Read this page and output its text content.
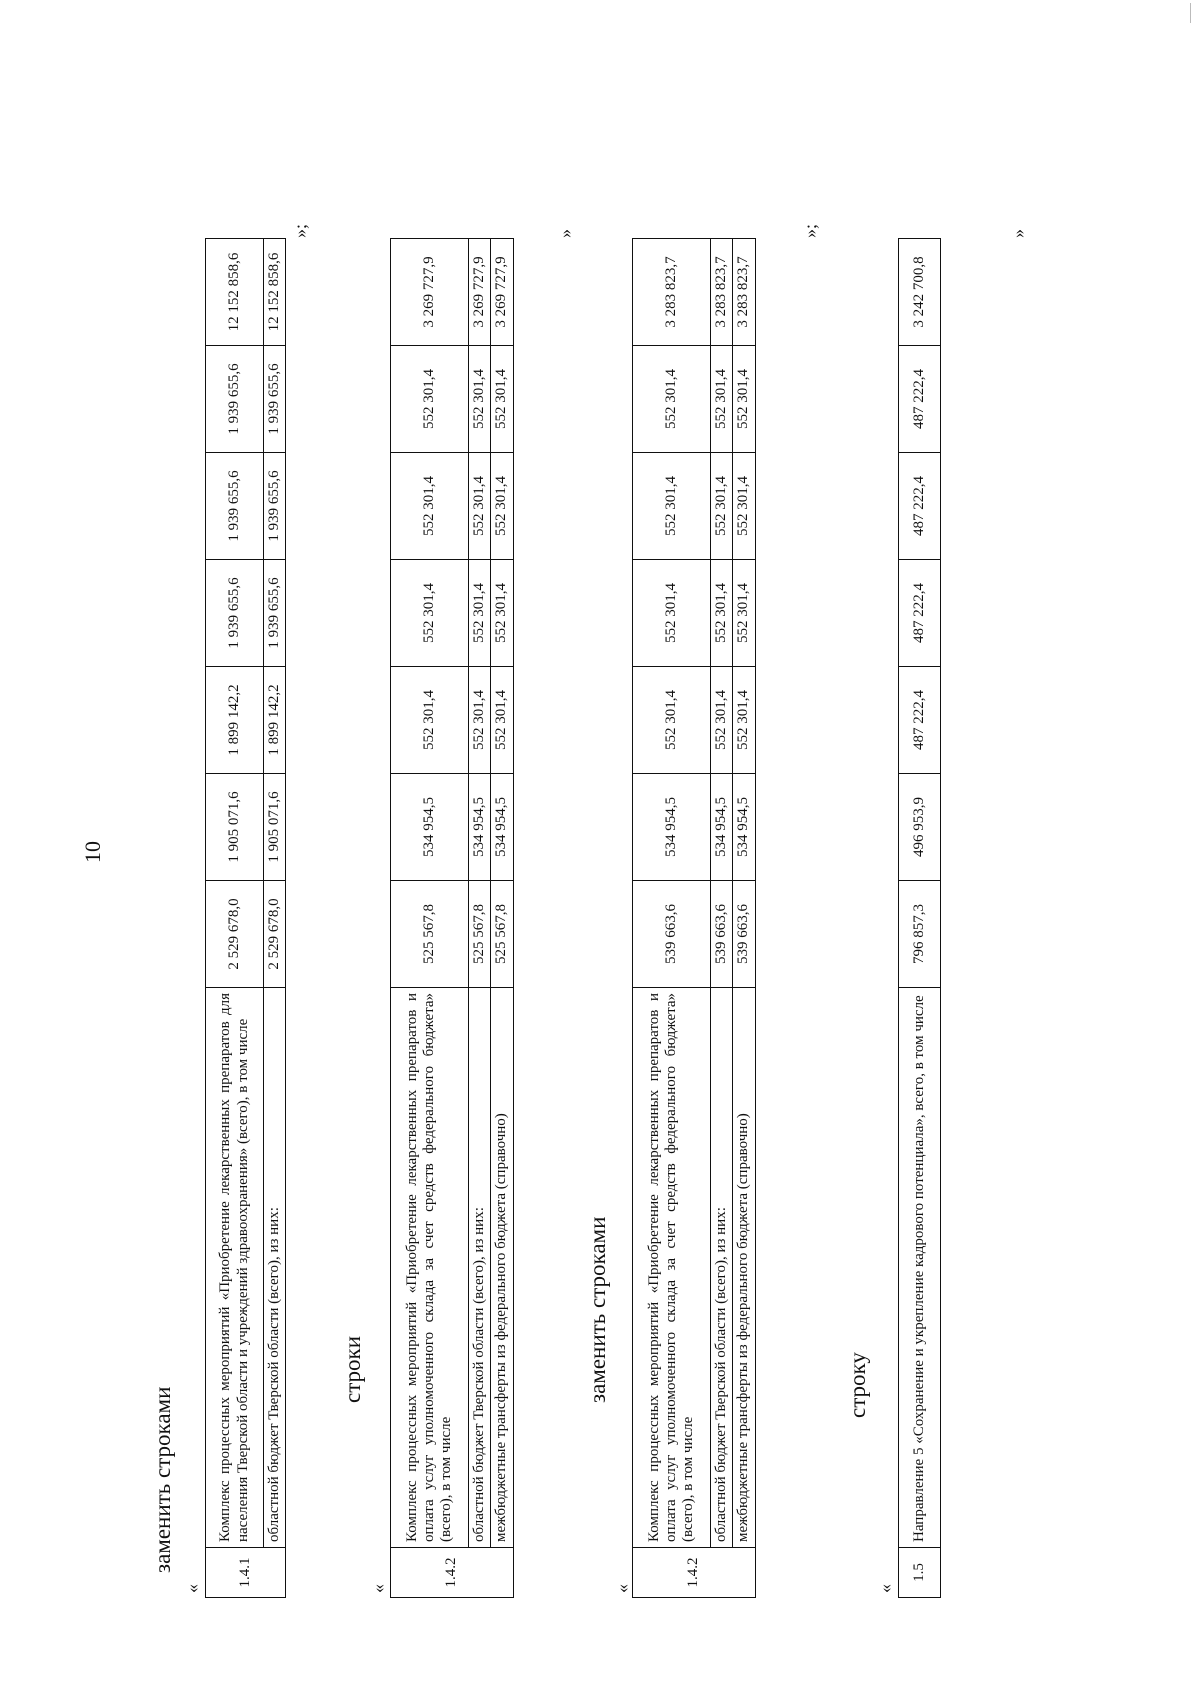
10
заменить строками
«
1.4.1	Комплекс процессных мероприятий «Приобретение лекарственных препаратов для населения Тверской области и учреждений здравоохранения» (всего), в том числе	2 529 678,0	1 905 071,6	1 899 142,2	1 939 655,6	1 939 655,6	1 939 655,6	12 152 858,6
	областной бюджет Тверской области (всего), из них:	2 529 678,0	1 905 071,6	1 899 142,2	1 939 655,6	1 939 655,6	1 939 655,6	12 152 858,6
»;
строки
«
1.4.2	Комплекс процессных мероприятий «Приобретение лекарственных препаратов и оплата услуг уполномоченного склада за счет средств федерального бюджета» (всего), в том числе	525 567,8	534 954,5	552 301,4	552 301,4	552 301,4	552 301,4	3 269 727,9
	областной бюджет Тверской области (всего), из них:	525 567,8	534 954,5	552 301,4	552 301,4	552 301,4	552 301,4	3 269 727,9
	межбюджетные трансферты из федерального бюджета (справочно)	525 567,8	534 954,5	552 301,4	552 301,4	552 301,4	552 301,4	3 269 727,9
»
заменить строками
«
1.4.2	Комплекс процессных мероприятий «Приобретение лекарственных препаратов и оплата услуг уполномоченного склада за счет средств федерального бюджета» (всего), в том числе	539 663,6	534 954,5	552 301,4	552 301,4	552 301,4	552 301,4	3 283 823,7
	областной бюджет Тверской области (всего), из них:	539 663,6	534 954,5	552 301,4	552 301,4	552 301,4	552 301,4	3 283 823,7
	межбюджетные трансферты из федерального бюджета (справочно)	539 663,6	534 954,5	552 301,4	552 301,4	552 301,4	552 301,4	3 283 823,7
»;
строку
«
1.5	Направление 5 «Сохранение и укрепление кадрового потенциала», всего, в том числе	796 857,3	496 953,9	487 222,4	487 222,4	487 222,4	487 222,4	3 242 700,8
»
